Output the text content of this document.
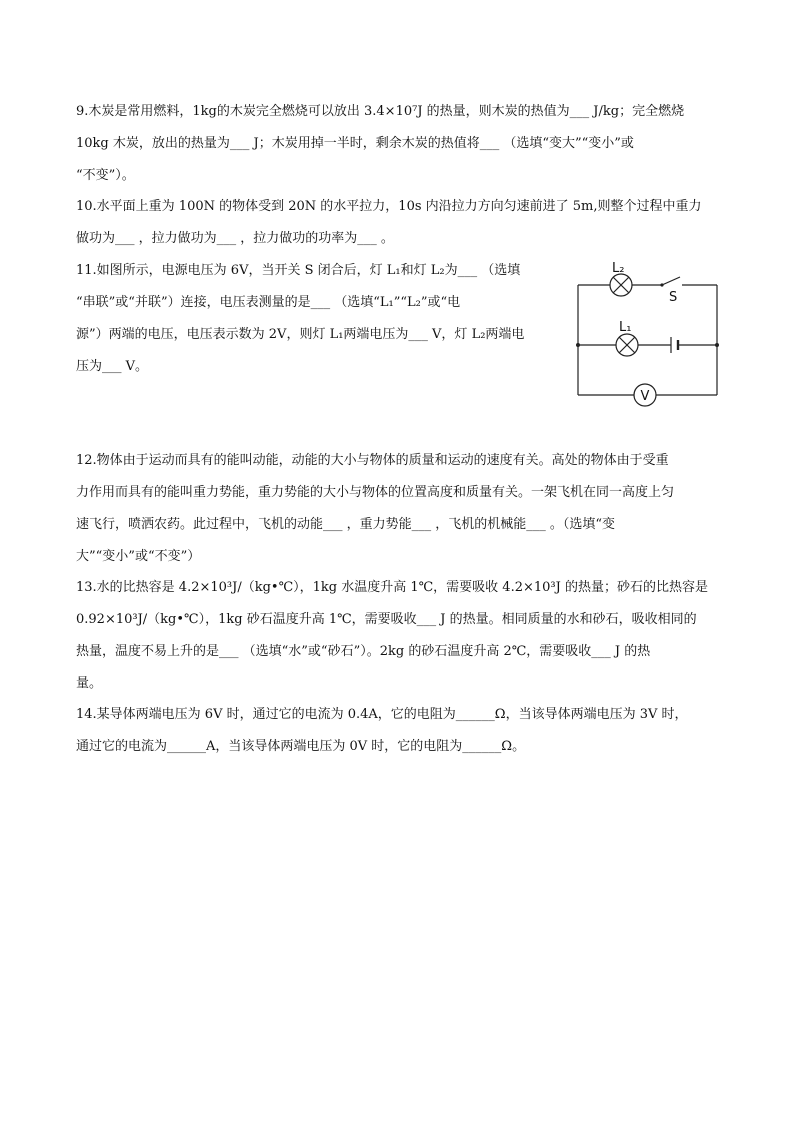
9.木炭是常用燃料，1kg的木炭完全燃烧可以放出 3.4×10⁷J 的热量，则木炭的热值为___ J/kg；完全燃烧
10kg 木炭，放出的热量为___ J；木炭用掉一半时，剩余木炭的热值将___ （选填“变大”“变小”或
“不变”）。
10.水平面上重为 100N 的物体受到 20N 的水平拉力，10s 内沿拉力方向匀速前进了 5m,则整个过程中重力
做功为___ ，拉力做功为___ ，拉力做功的功率为___ 。
11.如图所示，电源电压为 6V，当开关 S 闭合后，灯 L₁和灯 L₂为___ （选填
“串联”或“并联”）连接，电压表测量的是___ （选填“L₁”“L₂”或“电
源”）两端的电压，电压表示数为 2V，则灯 L₁两端电压为___ V，灯 L₂两端电
压为___ V。
V
L₂
S
L₁
12.物体由于运动而具有的能叫动能，动能的大小与物体的质量和运动的速度有关。高处的物体由于受重
力作用而具有的能叫重力势能，重力势能的大小与物体的位置高度和质量有关。一架飞机在同一高度上匀
速飞行，喷洒农药。此过程中，飞机的动能___ ，重力势能___ ，飞机的机械能___ 。（选填“变
大”“变小”或“不变”）
13.水的比热容是 4.2×10³J/（kg•℃），1kg 水温度升高 1℃，需要吸收 4.2×10³J 的热量；砂石的比热容是
0.92×10³J/（kg•℃），1kg 砂石温度升高 1℃，需要吸收___ J 的热量。相同质量的水和砂石，吸收相同的
热量，温度不易上升的是___ （选填“水”或“砂石”）。2kg 的砂石温度升高 2℃，需要吸收___ J 的热
量。
14.某导体两端电压为 6V 时，通过它的电流为 0.4A，它的电阻为______Ω，当该导体两端电压为 3V 时，
通过它的电流为______A，当该导体两端电压为 0V 时，它的电阻为______Ω。
